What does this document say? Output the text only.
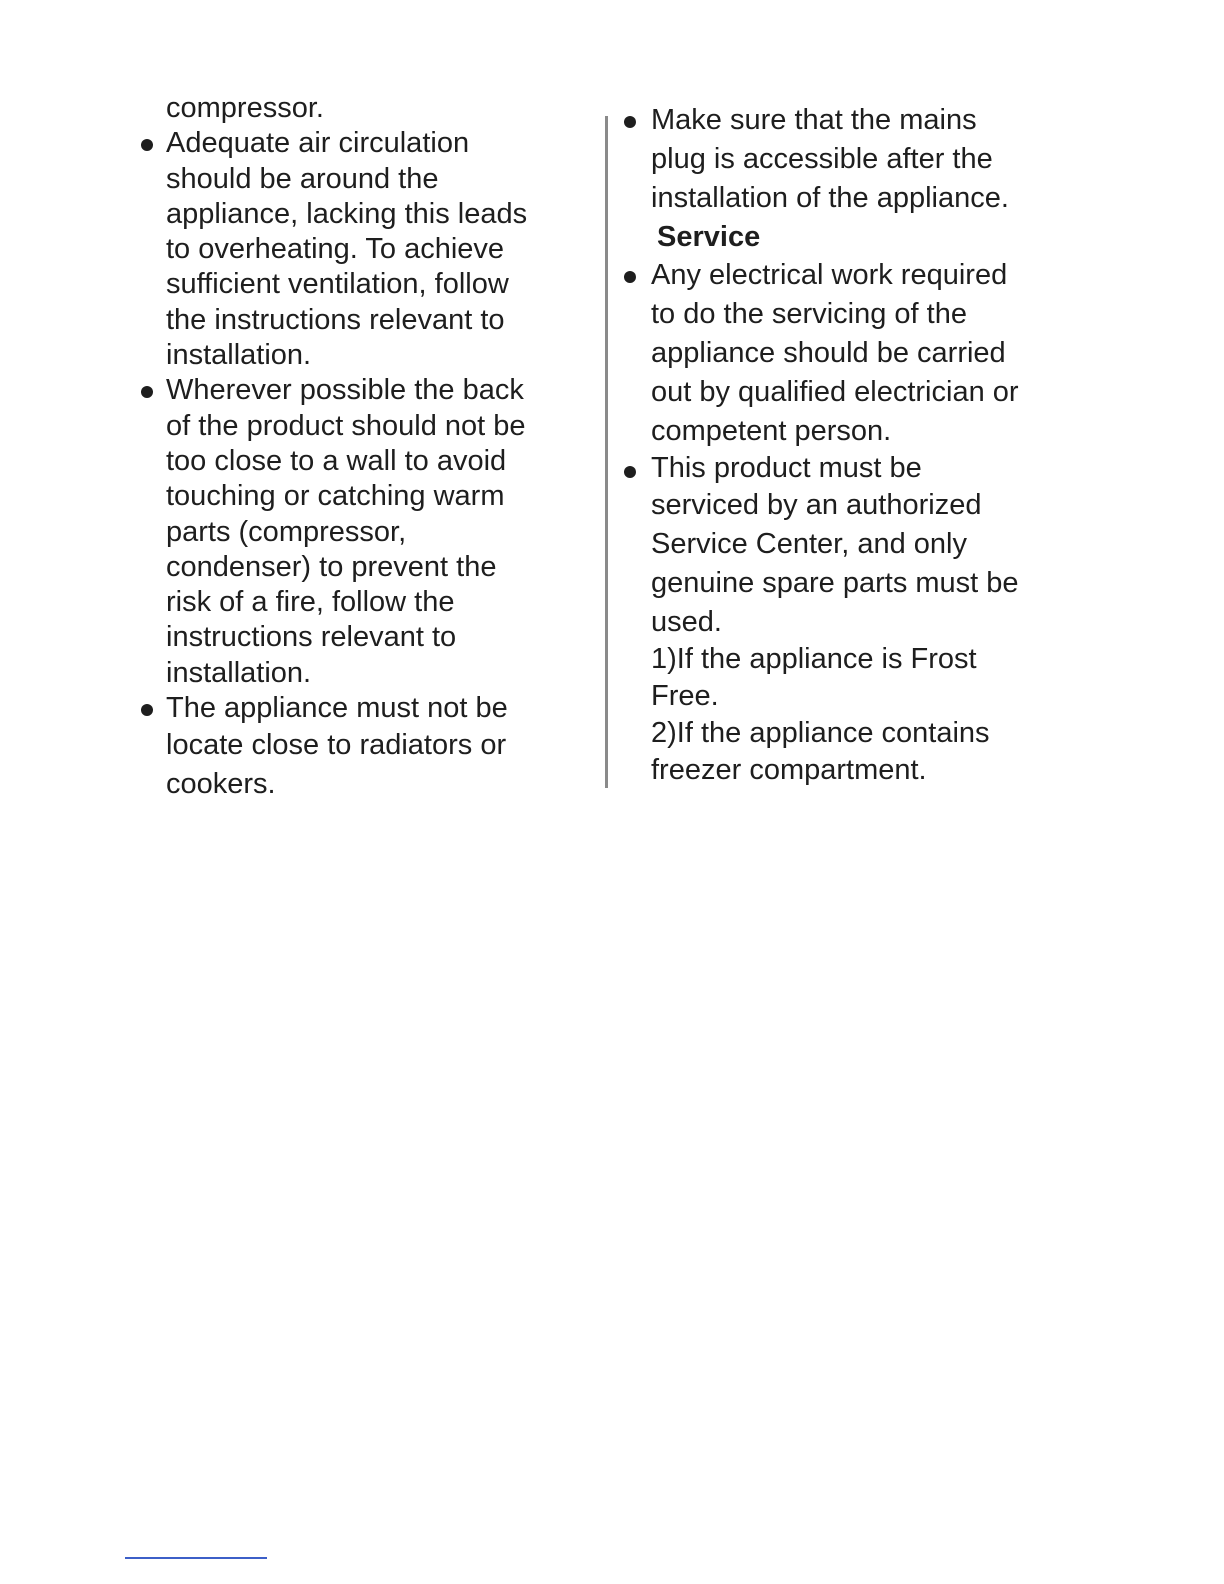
compressor.
Adequate air circulation
should be around the
appliance, lacking this leads
to overheating. To achieve
sufficient ventilation, follow
the instructions relevant to
installation.
Wherever possible the back
of the product should not be
too close to a wall to avoid
touching or catching warm
parts (compressor,
condenser) to prevent the
risk of a fire, follow the
instructions relevant to
installation.
The appliance must not be
locate close to radiators or
cookers.
Make sure that the mains
plug is accessible after the
installation of the appliance.
Service
Any electrical work required
to do the servicing of the
appliance should be carried
out by qualified electrician or
competent person.
This product must be
serviced by an authorized
Service Center, and only
genuine spare parts must be
used.
1)If the appliance is Frost
Free.
2)If the appliance contains
freezer compartment.
